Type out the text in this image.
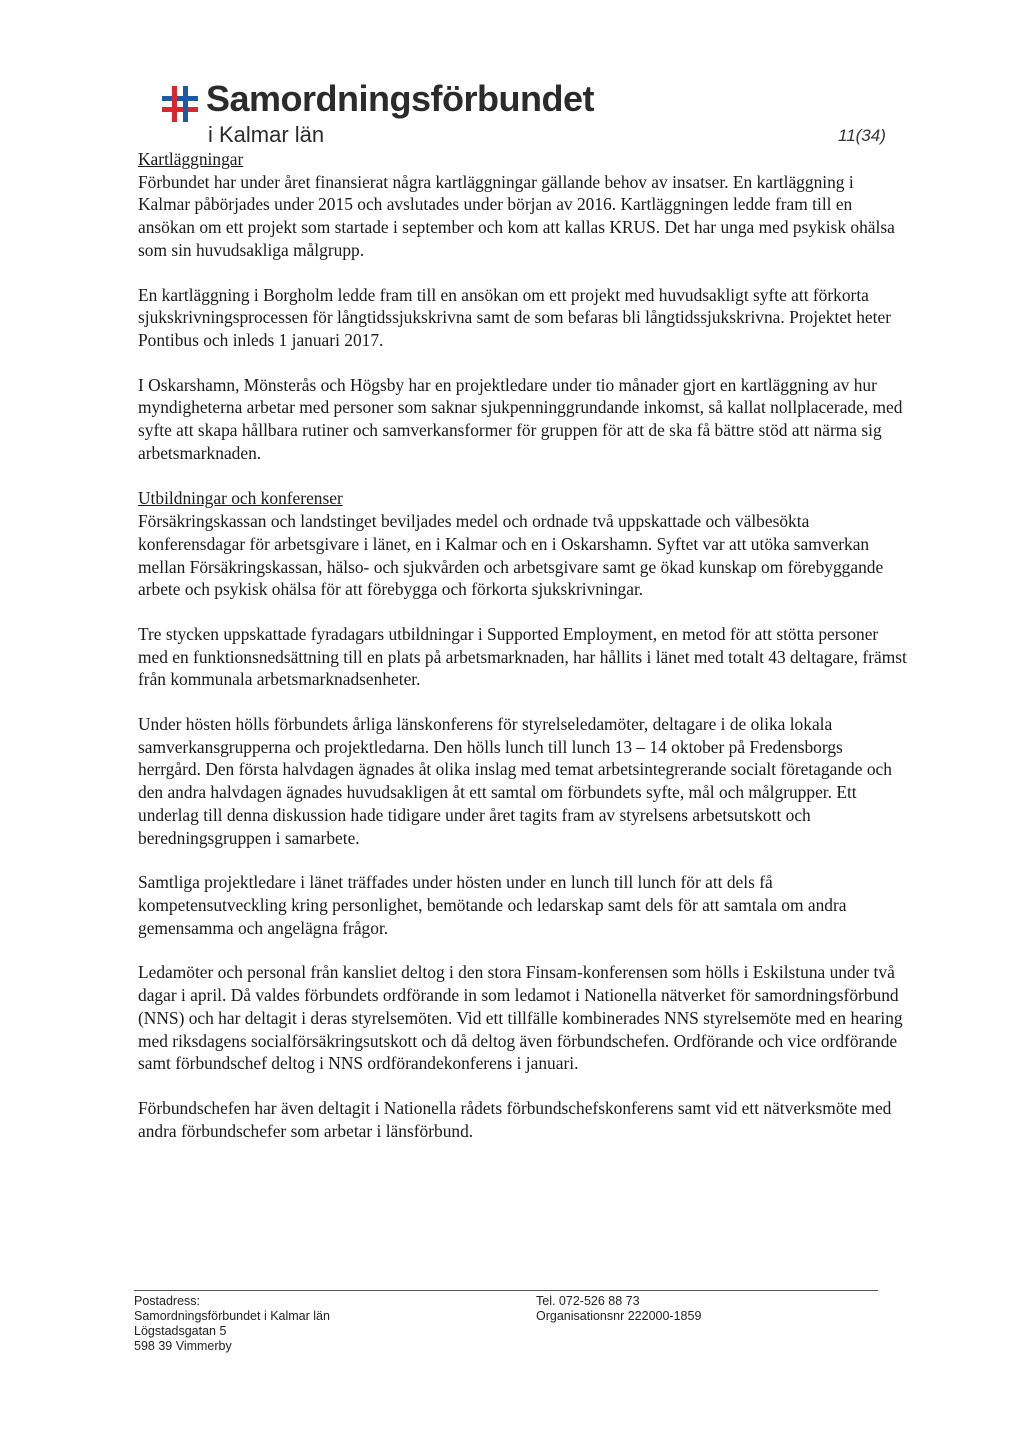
Samordningsförbundet
i Kalmar län	11(34)

Kartläggningar

Förbundet har under året finansierat några kartläggningar gällande behov av insatser. En kartläggning i Kalmar påbörjades under 2015 och avslutades under början av 2016. Kartläggningen ledde fram till en ansökan om ett projekt som startade i september och kom att kallas KRUS. Det har unga med psykisk ohälsa som sin huvudsakliga målgrupp.

En kartläggning i Borgholm ledde fram till en ansökan om ett projekt med huvudsakligt syfte att förkorta sjukskrivningsprocessen för långtidssjukskrivna samt de som befaras bli långtidssjukskrivna. Projektet heter Pontibus och inleds 1 januari 2017.

I Oskarshamn, Mönsterås och Högsby har en projektledare under tio månader gjort en kartläggning av hur myndigheterna arbetar med personer som saknar sjukpenninggrundande inkomst, så kallat nollplacerade, med syfte att skapa hållbara rutiner och samverkansformer för gruppen för att de ska få bättre stöd att närma sig arbetsmarknaden.

Utbildningar och konferenser

Försäkringskassan och landstinget beviljades medel och ordnade två uppskattade och välbesökta konferensdagar för arbetsgivare i länet, en i Kalmar och en i Oskarshamn. Syftet var att utöka samverkan mellan Försäkringskassan, hälso- och sjukvården och arbetsgivare samt ge ökad kunskap om förebyggande arbete och psykisk ohälsa för att förebygga och förkorta sjukskrivningar.

Tre stycken uppskattade fyradagars utbildningar i Supported Employment, en metod för att stötta personer med en funktionsnedsättning till en plats på arbetsmarknaden, har hållits i länet med totalt 43 deltagare, främst från kommunala arbetsmarknadsenheter.

Under hösten hölls förbundets årliga länskonferens för styrelseledamöter, deltagare i de olika lokala samverkansgrupperna och projektledarna. Den hölls lunch till lunch 13 – 14 oktober på Fredensborgs herrgård. Den första halvdagen ägnades åt olika inslag med temat arbetsintegrerande socialt företagande och den andra halvdagen ägnades huvudsakligen åt ett samtal om förbundets syfte, mål och målgrupper. Ett underlag till denna diskussion hade tidigare under året tagits fram av styrelsens arbetsutskott och beredningsgruppen i samarbete.

Samtliga projektledare i länet träffades under hösten under en lunch till lunch för att dels få kompetensutveckling kring personlighet, bemötande och ledarskap samt dels för att samtala om andra gemensamma och angelägna frågor.

Ledamöter och personal från kansliet deltog i den stora Finsam-konferensen som hölls i Eskilstuna under två dagar i april. Då valdes förbundets ordförande in som ledamot i Nationella nätverket för samordningsförbund (NNS) och har deltagit i deras styrelsemöten. Vid ett tillfälle kombinerades NNS styrelsemöte med en hearing med riksdagens socialförsäkringsutskott och då deltog även förbundschefen. Ordförande och vice ordförande samt förbundschef deltog i NNS ordförandekonferens i januari.

Förbundschefen har även deltagit i Nationella rådets förbundschefskonferens samt vid ett nätverksmöte med andra förbundschefer som arbetar i länsförbund.

Postadress:
Samordningsförbundet i Kalmar län
Lögstadsgatan 5
598 39 Vimmerby
Tel. 072-526 88 73
Organisationsnr 222000-1859
